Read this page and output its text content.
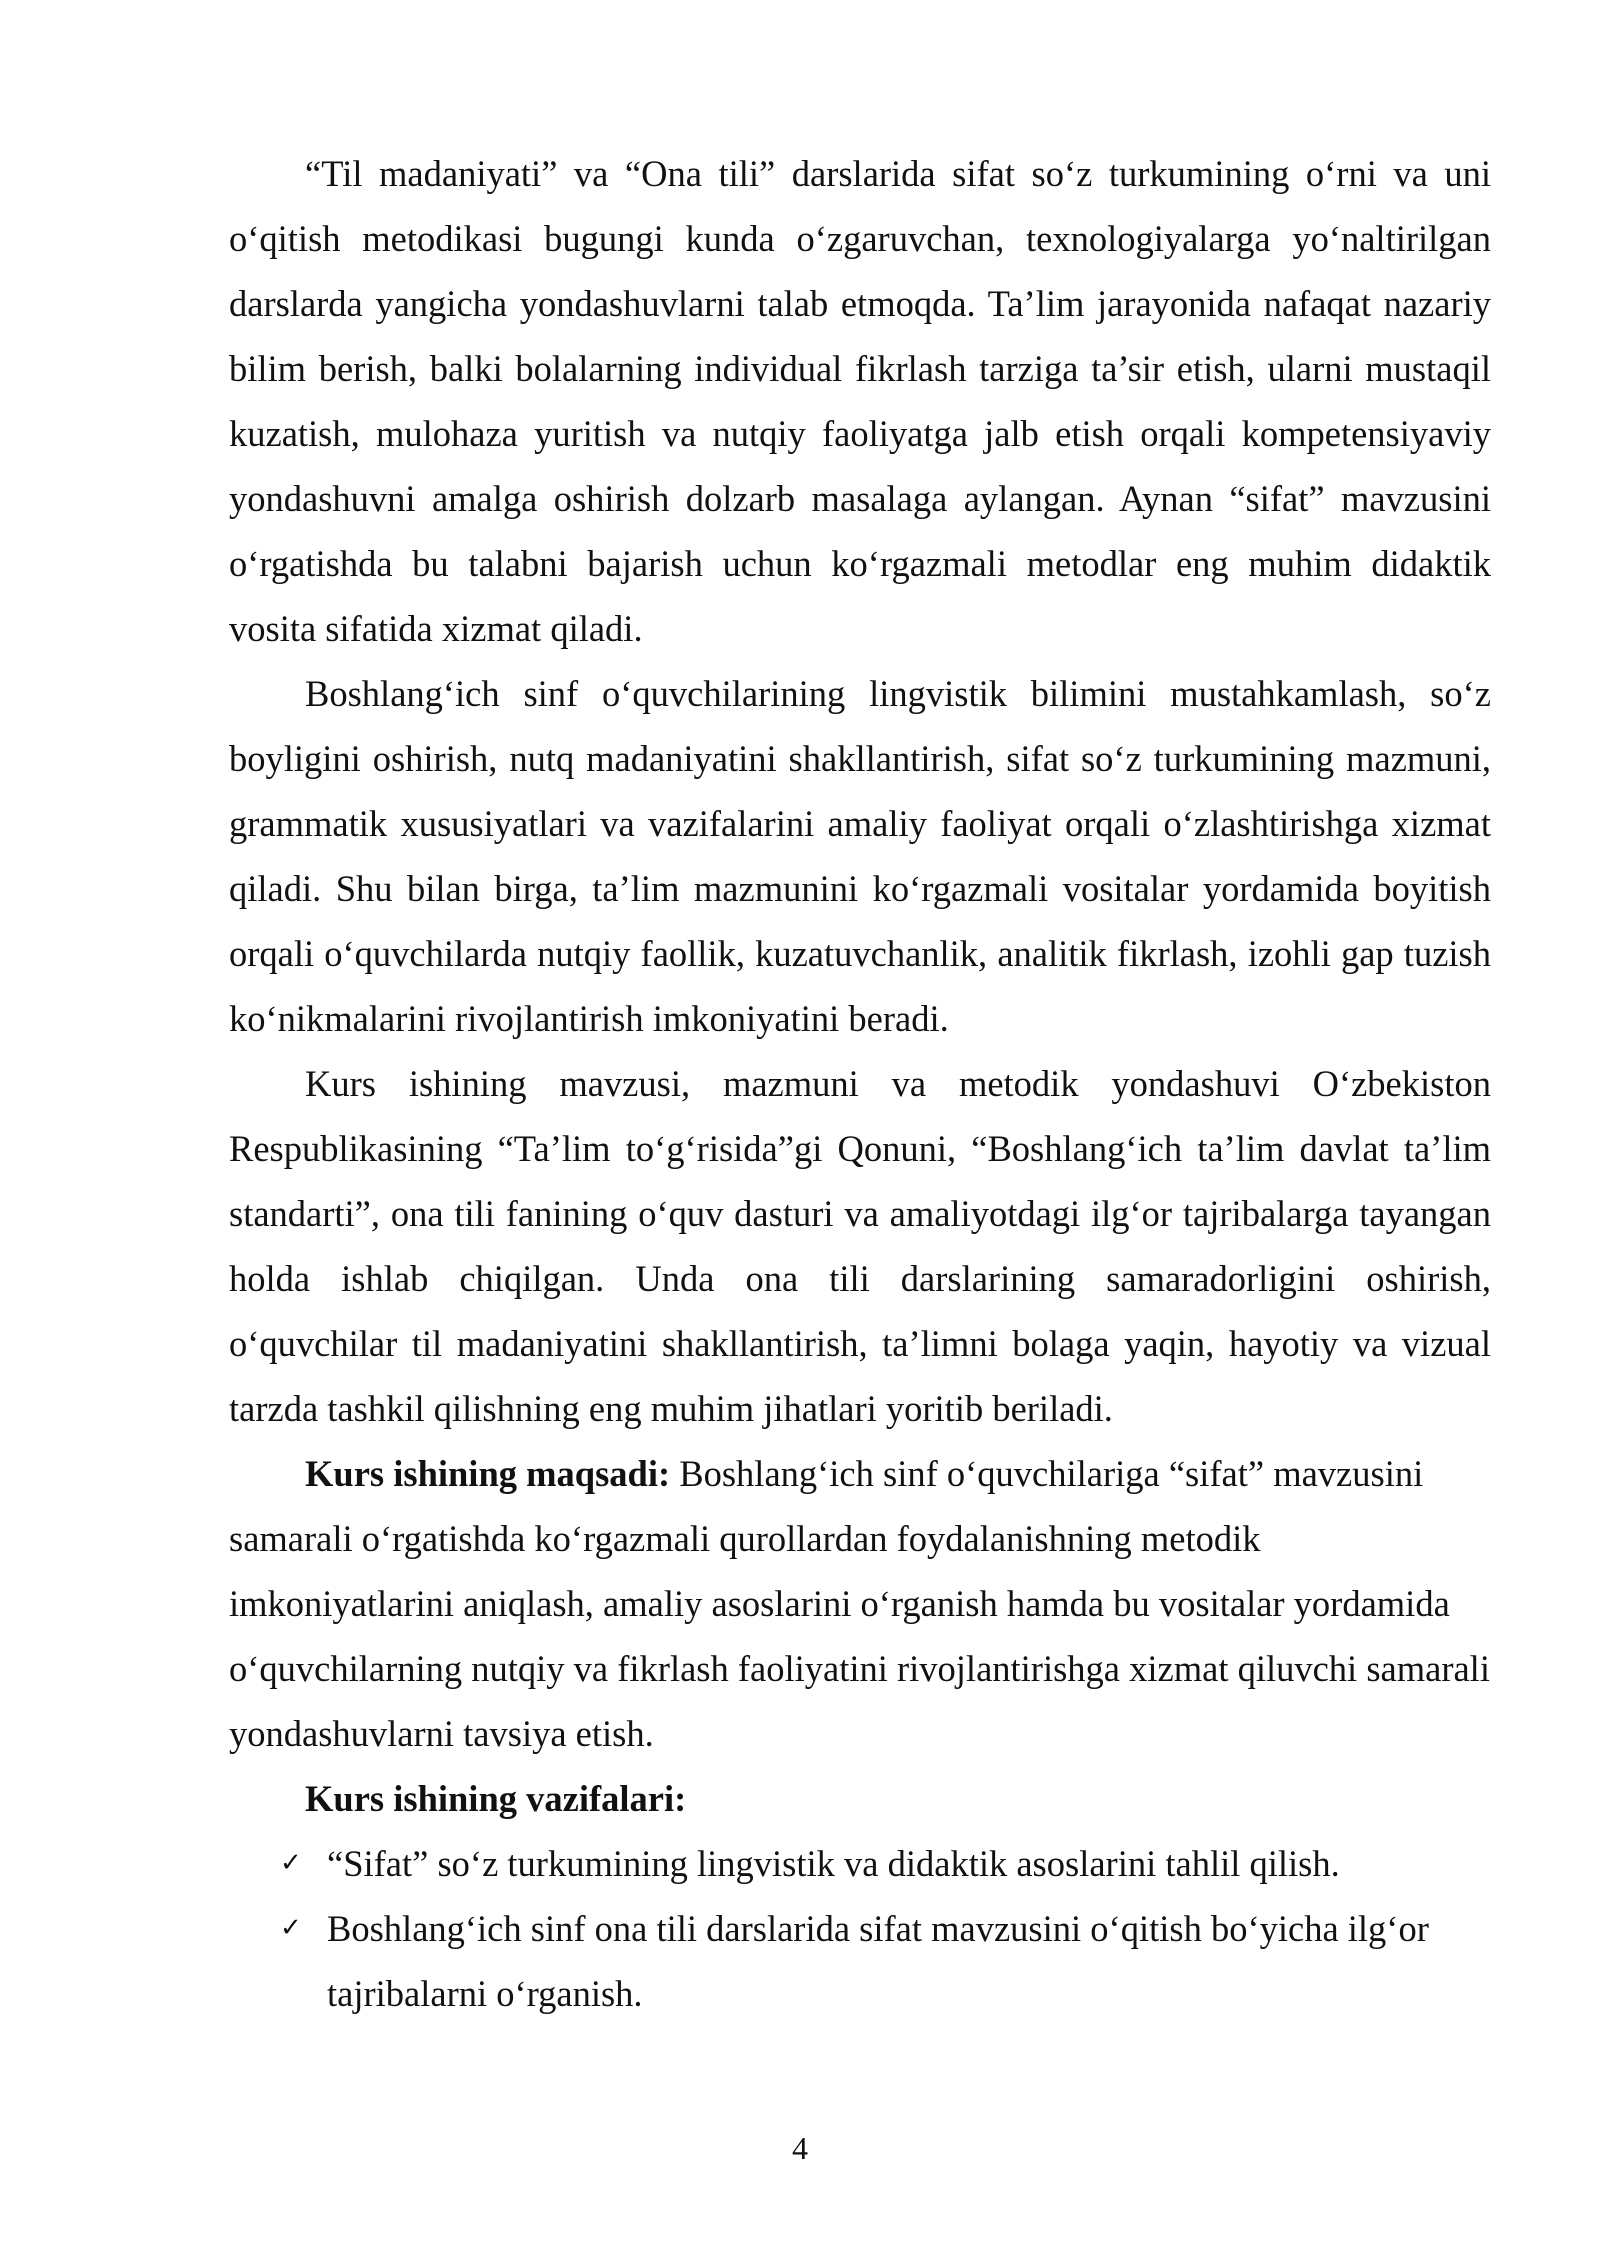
“Til madaniyati” va “Ona tili” darslarida sifat so‘z turkumining o‘rni va uni o‘qitish metodikasi bugungi kunda o‘zgaruvchan, texnologiyalarga yo‘naltirilgan darslarda yangicha yondashuvlarni talab etmoqda. Ta’lim jarayonida nafaqat nazariy bilim berish, balki bolalarning individual fikrlash tarziga ta’sir etish, ularni mustaqil kuzatish, mulohaza yuritish va nutqiy faoliyatga jalb etish orqali kompetensiyaviy yondashuvni amalga oshirish dolzarb masalaga aylangan. Aynan “sifat” mavzusini o‘rgatishda bu talabni bajarish uchun ko‘rgazmali metodlar eng muhim didaktik vosita sifatida xizmat qiladi.

Boshlang‘ich sinf o‘quvchilarining lingvistik bilimini mustahkamlash, so‘z boyligini oshirish, nutq madaniyatini shakllantirish, sifat so‘z turkumining mazmuni, grammatik xususiyatlari va vazifalarini amaliy faoliyat orqali o‘zlashtirishga xizmat qiladi. Shu bilan birga, ta’lim mazmunini ko‘rgazmali vositalar yordamida boyitish orqali o‘quvchilarda nutqiy faollik, kuzatuvchanlik, analitik fikrlash, izohli gap tuzish ko‘nikmalarini rivojlantirish imkoniyatini beradi.

Kurs ishining mavzusi, mazmuni va metodik yondashuvi O‘zbekiston Respublikasining “Ta’lim to‘g‘risida”gi Qonuni, “Boshlang‘ich ta’lim davlat ta’lim standarti”, ona tili fanining o‘quv dasturi va amaliyotdagi ilg‘or tajribalarga tayangan holda ishlab chiqilgan. Unda ona tili darslarining samaradorligini oshirish, o‘quvchilar til madaniyatini shakllantirish, ta’limni bolaga yaqin, hayotiy va vizual tarzda tashkil qilishning eng muhim jihatlari yoritib beriladi.

Kurs ishining maqsadi: Boshlang‘ich sinf o‘quvchilariga “sifat” mavzusini samarali o‘rgatishda ko‘rgazmali qurollardan foydalanishning metodik imkoniyatlarini aniqlash, amaliy asoslarini o‘rganish hamda bu vositalar yordamida o‘quvchilarning nutqiy va fikrlash faoliyatini rivojlantirishga xizmat qiluvchi samarali yondashuvlarni tavsiya etish.

Kurs ishining vazifalari:
✓ “Sifat” so‘z turkumining lingvistik va didaktik asoslarini tahlil qilish.
✓ Boshlang‘ich sinf ona tili darslarida sifat mavzusini o‘qitish bo‘yicha ilg‘or tajribalarni o‘rganish.
4
